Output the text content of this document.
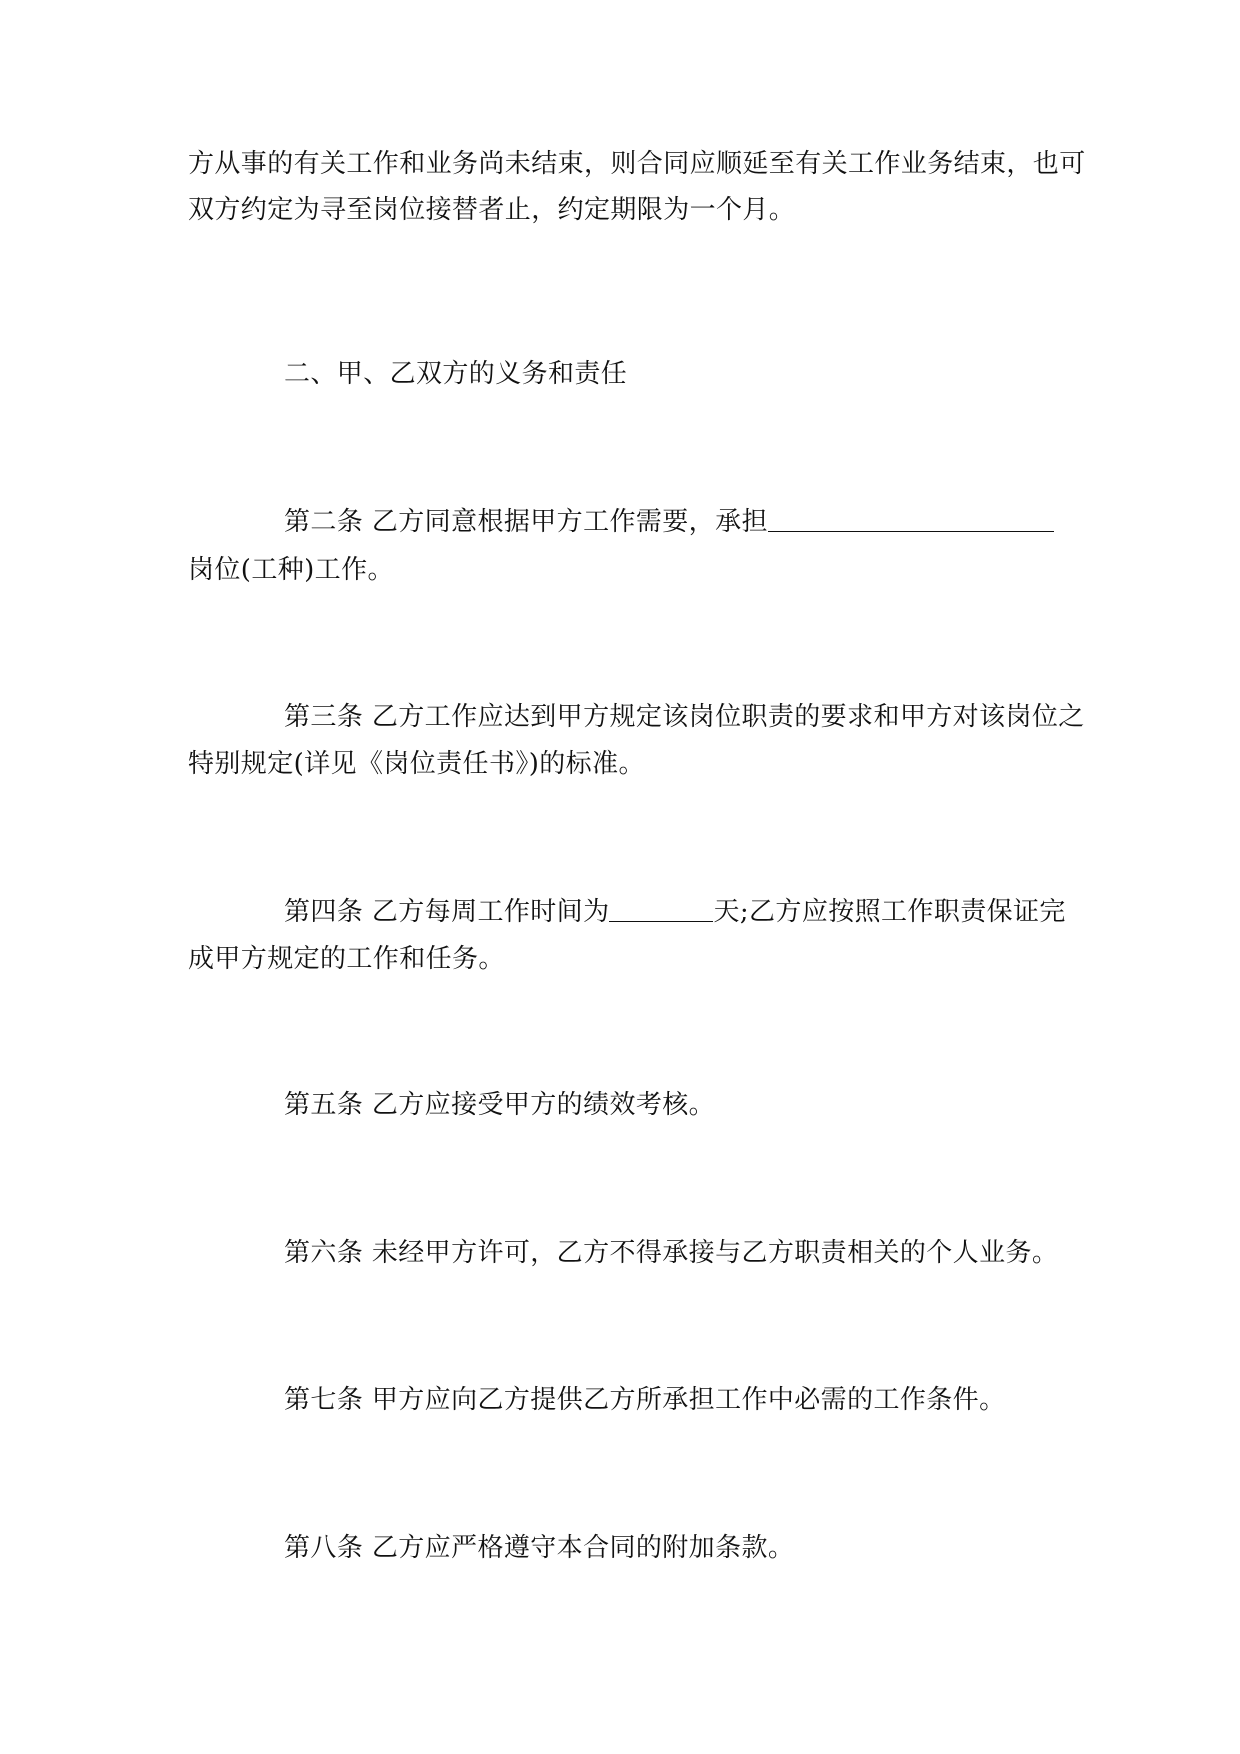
方从事的有关工作和业务尚未结束，则合同应顺延至有关工作业务结束，也可
双方约定为寻至岗位接替者止，约定期限为一个月。
二、甲、乙双方的义务和责任
第二条 乙方同意根据甲方工作需要，承担
岗位(工种)工作。
第三条 乙方工作应达到甲方规定该岗位职责的要求和甲方对该岗位之
特别规定(详见《岗位责任书》)的标准。
第四条 乙方每周工作时间为	天;乙方应按照工作职责保证完
成甲方规定的工作和任务。
第五条 乙方应接受甲方的绩效考核。
第六条 未经甲方许可，乙方不得承接与乙方职责相关的个人业务。
第七条 甲方应向乙方提供乙方所承担工作中必需的工作条件。
第八条 乙方应严格遵守本合同的附加条款。
